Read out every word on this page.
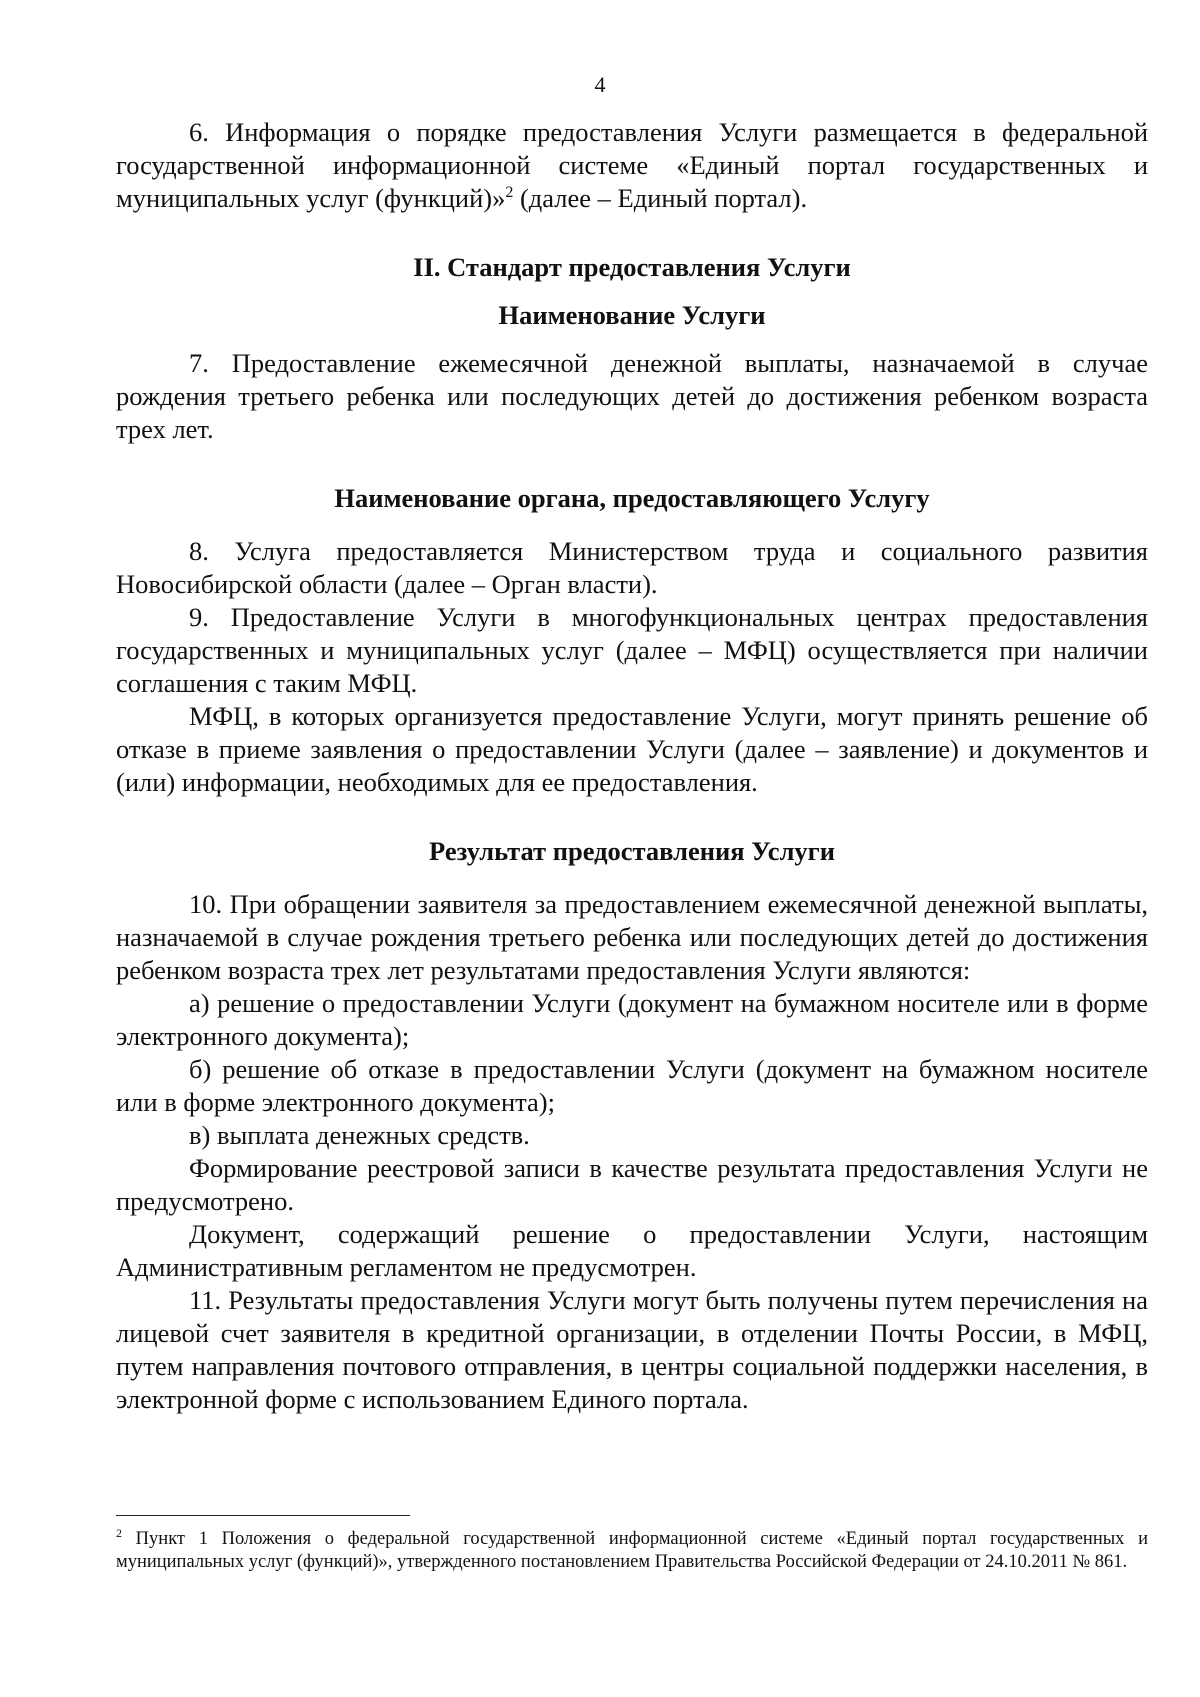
4

6. Информация о порядке предоставления Услуги размещается в федеральной государственной информационной системе «Единый портал государственных и муниципальных услуг (функций)»$^2$ (далее – Единый портал).

II. Стандарт предоставления Услуги

Наименование Услуги

7. Предоставление ежемесячной денежной выплаты, назначаемой в случае рождения третьего ребенка или последующих детей до достижения ребенком возраста трех лет.

Наименование органа, предоставляющего Услугу

8. Услуга предоставляется Министерством труда и социального развития Новосибирской области (далее – Орган власти).

9. Предоставление Услуги в многофункциональных центрах предоставления государственных и муниципальных услуг (далее – МФЦ) осуществляется при наличии соглашения с таким МФЦ.

МФЦ, в которых организуется предоставление Услуги, могут принять решение об отказе в приеме заявления о предоставлении Услуги (далее – заявление) и документов и (или) информации, необходимых для ее предоставления.

Результат предоставления Услуги

10. При обращении заявителя за предоставлением ежемесячной денежной выплаты, назначаемой в случае рождения третьего ребенка или последующих детей до достижения ребенком возраста трех лет результатами предоставления Услуги являются:

а) решение о предоставлении Услуги (документ на бумажном носителе или в форме электронного документа);

б) решение об отказе в предоставлении Услуги (документ на бумажном носителе или в форме электронного документа);

в) выплата денежных средств.

Формирование реестровой записи в качестве результата предоставления Услуги не предусмотрено.

Документ, содержащий решение о предоставлении Услуги, настоящим Административным регламентом не предусмотрен.

11. Результаты предоставления Услуги могут быть получены путем перечисления на лицевой счет заявителя в кредитной организации, в отделении Почты России, в МФЦ, путем направления почтового отправления, в центры социальной поддержки населения, в электронной форме с использованием Единого портала.

$^2$ Пункт 1 Положения о федеральной государственной информационной системе «Единый портал государственных и муниципальных услуг (функций)», утвержденного постановлением Правительства Российской Федерации от 24.10.2011 № 861.
